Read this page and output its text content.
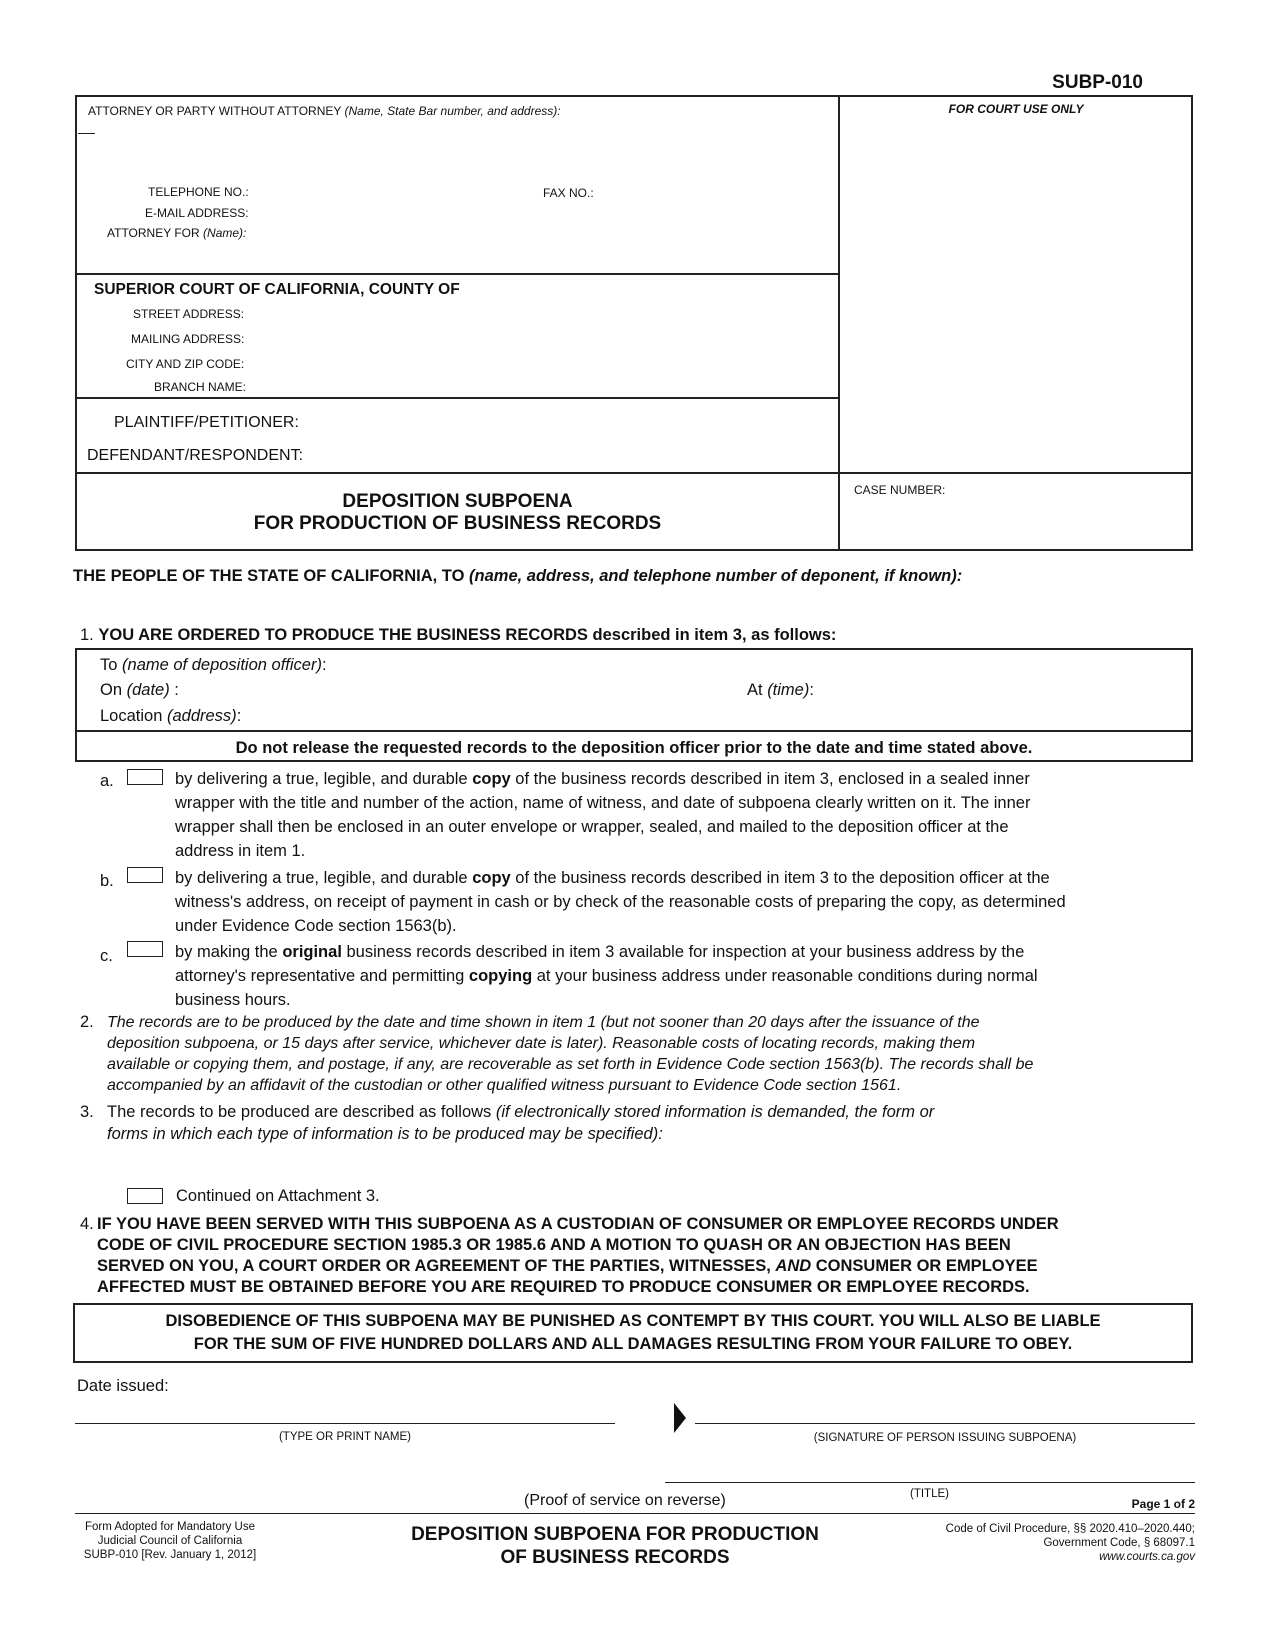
SUBP-010
ATTORNEY OR PARTY WITHOUT ATTORNEY (Name, State Bar number, and address):	FOR COURT USE ONLY
TELEPHONE NO.:	FAX NO.:
E-MAIL ADDRESS:
ATTORNEY FOR (Name):
SUPERIOR COURT OF CALIFORNIA, COUNTY OF
STREET ADDRESS:
MAILING ADDRESS:
CITY AND ZIP CODE:
BRANCH NAME:
PLAINTIFF/PETITIONER:
DEFENDANT/RESPONDENT:
DEPOSITION SUBPOENA
FOR PRODUCTION OF BUSINESS RECORDS
CASE NUMBER:
THE PEOPLE OF THE STATE OF CALIFORNIA, TO (name, address, and telephone number of deponent, if known):
1. YOU ARE ORDERED TO PRODUCE THE BUSINESS RECORDS described in item 3, as follows:
To (name of deposition officer):
On (date) :	At (time):
Location (address):
Do not release the requested records to the deposition officer prior to the date and time stated above.
a.	by delivering a true, legible, and durable copy of the business records described in item 3, enclosed in a sealed inner
wrapper with the title and number of the action, name of witness, and date of subpoena clearly written on it. The inner
wrapper shall then be enclosed in an outer envelope or wrapper, sealed, and mailed to the deposition officer at the
address in item 1.
b.	by delivering a true, legible, and durable copy of the business records described in item 3 to the deposition officer at the
witness's address, on receipt of payment in cash or by check of the reasonable costs of preparing the copy, as determined
under Evidence Code section 1563(b).
c.	by making the original business records described in item 3 available for inspection at your business address by the
attorney's representative and permitting copying at your business address under reasonable conditions during normal
business hours.
2. The records are to be produced by the date and time shown in item 1 (but not sooner than 20 days after the issuance of the
deposition subpoena, or 15 days after service, whichever date is later). Reasonable costs of locating records, making them
available or copying them, and postage, if any, are recoverable as set forth in Evidence Code section 1563(b). The records shall be
accompanied by an affidavit of the custodian or other qualified witness pursuant to Evidence Code section 1561.
3. The records to be produced are described as follows (if electronically stored information is demanded, the form or
forms in which each type of information is to be produced may be specified):
Continued on Attachment 3.
4. IF YOU HAVE BEEN SERVED WITH THIS SUBPOENA AS A CUSTODIAN OF CONSUMER OR EMPLOYEE RECORDS UNDER
CODE OF CIVIL PROCEDURE SECTION 1985.3 OR 1985.6 AND A MOTION TO QUASH OR AN OBJECTION HAS BEEN
SERVED ON YOU, A COURT ORDER OR AGREEMENT OF THE PARTIES, WITNESSES, AND CONSUMER OR EMPLOYEE
AFFECTED MUST BE OBTAINED BEFORE YOU ARE REQUIRED TO PRODUCE CONSUMER OR EMPLOYEE RECORDS.
DISOBEDIENCE OF THIS SUBPOENA MAY BE PUNISHED AS CONTEMPT BY THIS COURT. YOU WILL ALSO BE LIABLE
FOR THE SUM OF FIVE HUNDRED DOLLARS AND ALL DAMAGES RESULTING FROM YOUR FAILURE TO OBEY.
Date issued:
(TYPE OR PRINT NAME)	(SIGNATURE OF PERSON ISSUING SUBPOENA)
(TITLE)
(Proof of service on reverse)	Page 1 of 2
Form Adopted for Mandatory Use
Judicial Council of California
SUBP-010 [Rev. January 1, 2012]
DEPOSITION SUBPOENA FOR PRODUCTION
OF BUSINESS RECORDS
Code of Civil Procedure, §§ 2020.410–2020.440;
Government Code, § 68097.1
www.courts.ca.gov
